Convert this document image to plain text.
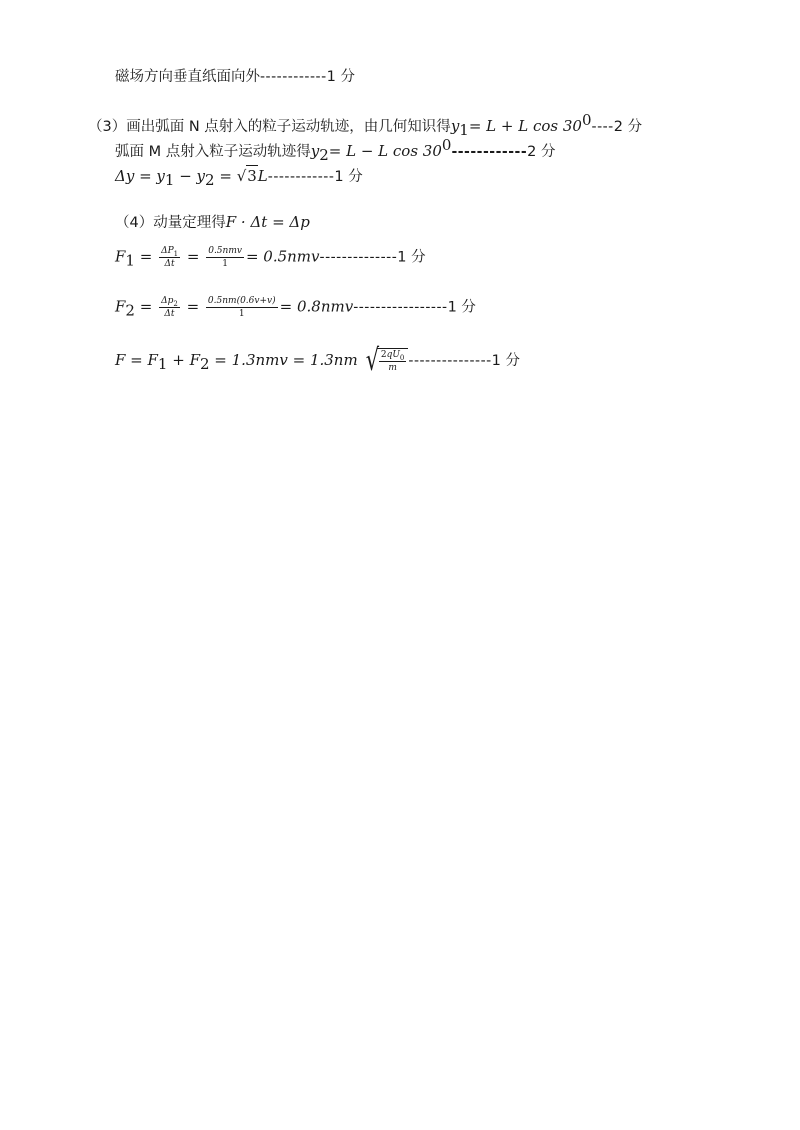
磁场方向垂直纸面向外------------1 分
（3）画出弧面 N 点射入的粒子运动轨迹，由几何知识得$y_1= L + L$ $\cos 30^0----2$ 分
弧面 M 点射入粒子运动轨迹得$y_2= L - L$ $\cos 30^0------------2$ 分
$\Delta y = y_1 - y_2 = √3L------------1$ 分
（4）动量定理得F · Δt = Δp
$F_1 = \frac{\Delta P_1}{\Delta t} = \frac{\text{0.5nmv}}{1} = 0.5nmv--------------1$ 分
$F_2 = \frac{\Delta p_2}{\Delta t} = \frac{0.5nm(0.6v+v)}{1} = 0.8nmv-----------------1$ 分
$F = F_1 + F_2 = 1.3nmv = 1.3nm$ √ $\frac{2qU_0}{m} ---------------1$ 分
